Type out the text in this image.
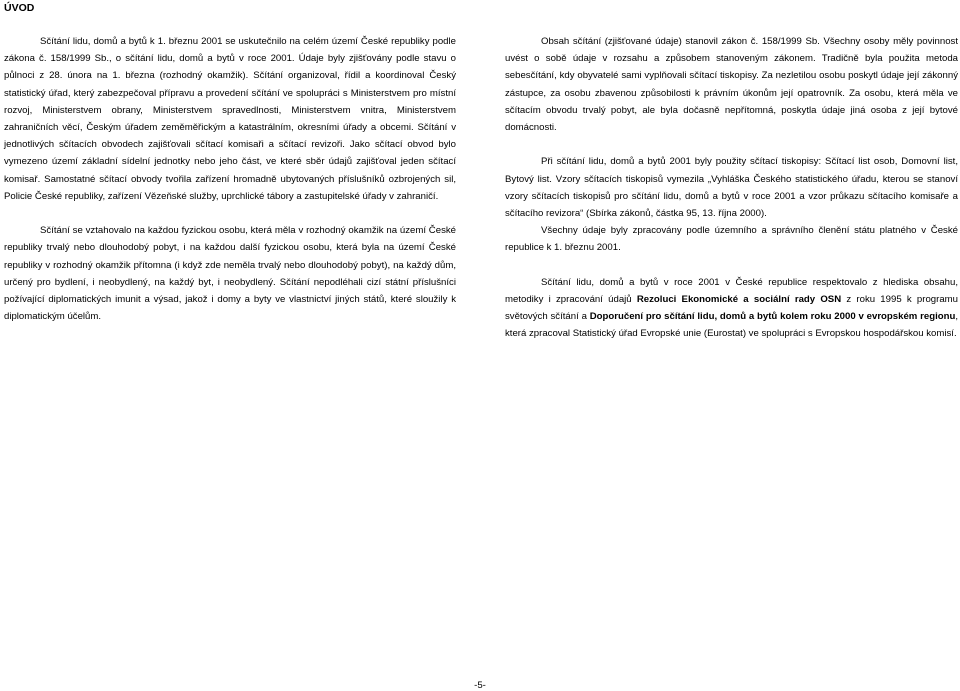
ÚVOD

Sčítání lidu, domů a bytů k 1. březnu 2001 se uskutečnilo na celém území České republiky podle zákona č. 158/1999 Sb., o sčítání lidu, domů a bytů v roce 2001. Údaje byly zjišťovány podle stavu o půlnoci z 28. února na 1. března (rozhodný okamžik). Sčítání organizoval, řídil a koordinoval Český statistický úřad, který zabezpečoval přípravu a provedení sčítání ve spolupráci s Ministerstvem pro místní rozvoj, Ministerstvem obrany, Ministerstvem spravedlnosti, Ministerstvem vnitra, Ministerstvem zahraničních věcí, Českým úřadem zeměměřickým a katastrálním, okresními úřady a obcemi. Sčítání v jednotlivých sčítacích obvodech zajišťovali sčítací komisaři a sčítací revizoři. Jako sčítací obvod bylo vymezeno území základní sídelní jednotky nebo jeho část, ve které sběr údajů zajišťoval jeden sčítací komisař. Samostatné sčítací obvody tvořila zařízení hromadně ubytovaných příslušníků ozbrojených sil, Policie České republiky, zařízení Vězeňské služby, uprchlické tábory a zastupitelské úřady v zahraničí.

Sčítání se vztahovalo na každou fyzickou osobu, která měla v rozhodný okamžik na území České republiky trvalý nebo dlouhodobý pobyt, i na každou další fyzickou osobu, která byla na území České republiky v rozhodný okamžik přítomna (i když zde neměla trvalý nebo dlouhodobý pobyt), na každý dům, určený pro bydlení, i neobydlený, na každý byt, i neobydlený. Sčítání nepodléhali cizí státní příslušníci požívající diplomatických imunit a výsad, jakož i domy a byty ve vlastnictví jiných států, které sloužily k diplomatickým účelům.

Obsah sčítání (zjišťované údaje) stanovil zákon č. 158/1999 Sb. Všechny osoby měly povinnost uvést o sobě údaje v rozsahu a způsobem stanoveným zákonem. Tradičně byla použita metoda sebesčítání, kdy obyvatelé sami vyplňovali sčítací tiskopisy. Za nezletilou osobu poskytl údaje její zákonný zástupce, za osobu zbavenou způsobilosti k právním úkonům její opatrovník. Za osobu, která měla ve sčítacím obvodu trvalý pobyt, ale byla dočasně nepřítomná, poskytla údaje jiná osoba z její bytové domácnosti.

Při sčítání lidu, domů a bytů 2001 byly použity sčítací tiskopisy: Sčítací list osob, Domovní list, Bytový list. Vzory sčítacích tiskopisů vymezila „Vyhláška Českého statistického úřadu, kterou se stanoví vzory sčítacích tiskopisů pro sčítání lidu, domů a bytů v roce 2001 a vzor průkazu sčítacího komisaře a sčítacího revizora“ (Sbírka zákonů, částka 95, 13. října 2000).

Všechny údaje byly zpracovány podle územního a správního členění státu platného v České republice k 1. březnu 2001.

Sčítání lidu, domů a bytů v roce 2001 v České republice respektovalo z hlediska obsahu, metodiky i zpracování údajů Rezoluci Ekonomické a sociální rady OSN z roku 1995 k programu světových sčítání a Doporučení pro sčítání lidu, domů a bytů kolem roku 2000 v evropském regionu, která zpracoval Statistický úřad Evropské unie (Eurostat) ve spolupráci s Evropskou hospodářskou komisí.

-5-
